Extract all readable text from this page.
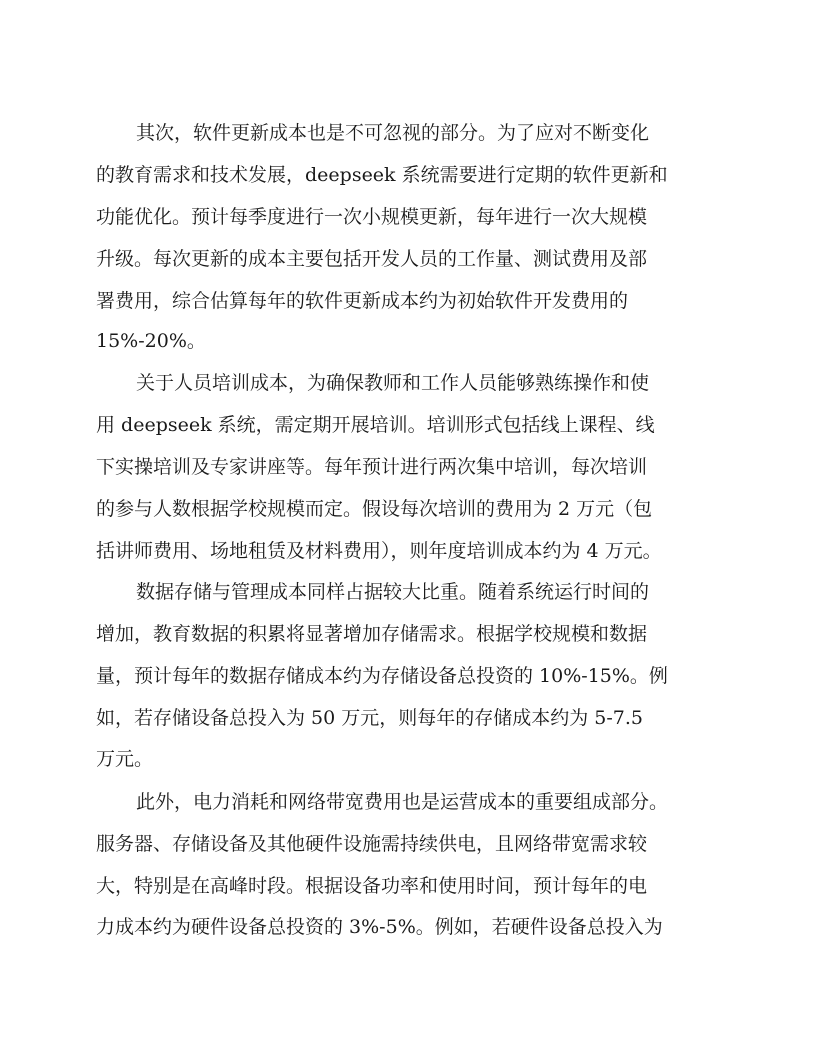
其次，软件更新成本也是不可忽视的部分。为了应对不断变化
的教育需求和技术发展，deepseek 系统需要进行定期的软件更新和
功能优化。预计每季度进行一次小规模更新，每年进行一次大规模
升级。每次更新的成本主要包括开发人员的工作量、测试费用及部
署费用，综合估算每年的软件更新成本约为初始软件开发费用的
15%-20%。
关于人员培训成本，为确保教师和工作人员能够熟练操作和使
用 deepseek 系统，需定期开展培训。培训形式包括线上课程、线
下实操培训及专家讲座等。每年预计进行两次集中培训，每次培训
的参与人数根据学校规模而定。假设每次培训的费用为 2 万元（包
括讲师费用、场地租赁及材料费用），则年度培训成本约为 4 万元。
数据存储与管理成本同样占据较大比重。随着系统运行时间的
增加，教育数据的积累将显著增加存储需求。根据学校规模和数据
量，预计每年的数据存储成本约为存储设备总投资的 10%-15%。例
如，若存储设备总投入为 50 万元，则每年的存储成本约为 5-7.5
万元。
此外，电力消耗和网络带宽费用也是运营成本的重要组成部分。
服务器、存储设备及其他硬件设施需持续供电，且网络带宽需求较
大，特别是在高峰时段。根据设备功率和使用时间，预计每年的电
力成本约为硬件设备总投资的 3%-5%。例如，若硬件设备总投入为
